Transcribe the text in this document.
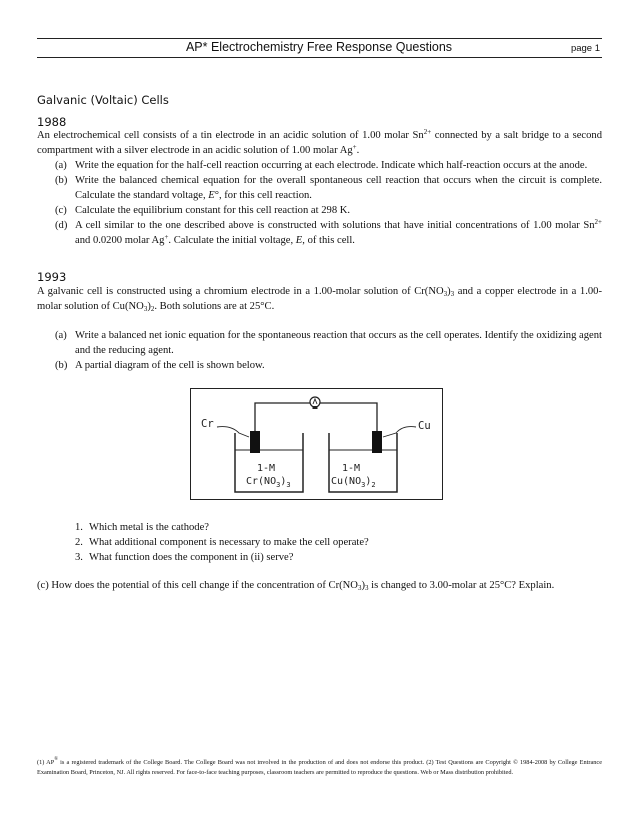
AP* Electrochemistry Free Response Questions	page 1
Galvanic (Voltaic) Cells
1988
An electrochemical cell consists of a tin electrode in an acidic solution of 1.00 molar $Sn^{2+}$ connected by a salt bridge to a second compartment with a silver electrode in an acidic solution of 1.00 molar Ag+.
(a) Write the equation for the half-cell reaction occurring at each electrode. Indicate which half-reaction occurs at the anode.
(b) Write the balanced chemical equation for the overall spontaneous cell reaction that occurs when the circuit is complete. Calculate the standard voltage, E°, for this cell reaction.
(c) Calculate the equilibrium constant for this cell reaction at 298 K.
(d) A cell similar to the one described above is constructed with solutions that have initial concentrations of 1.00 molar $Sn^{2+}$ and 0.0200 molar Ag+. Calculate the initial voltage, E, of this cell.
1993
A galvanic cell is constructed using a chromium electrode in a 1.00-molar solution of $Cr(NO_3)_3$ and a copper electrode in a 1.00-molar solution of $Cu(NO_3)_2$. Both solutions are at 25°C.
(a) Write a balanced net ionic equation for the spontaneous reaction that occurs as the cell operates. Identify the oxidizing agent and the reducing agent.
(b) A partial diagram of the cell is shown below.
Cr	Cu
1-M	1-M
$Cr(NO_3)_3$	$Cu(NO_3)_2$
1. Which metal is the cathode?
2. What additional component is necessary to make the cell operate?
3. What function does the component in (ii) serve?
(c) How does the potential of this cell change if the concentration of $Cr(NO_3)_3$ is changed to 3.00-molar at 25°C? Explain.
(1) AP® is a registered trademark of the College Board. The College Board was not involved in the production of and does not endorse this product. (2) Test Questions are Copyright © 1984-2008 by College Entrance Examination Board, Princeton, NJ. All rights reserved. For face-to-face teaching purposes, classroom teachers are permitted to reproduce the questions. Web or Mass distribution prohibited.
